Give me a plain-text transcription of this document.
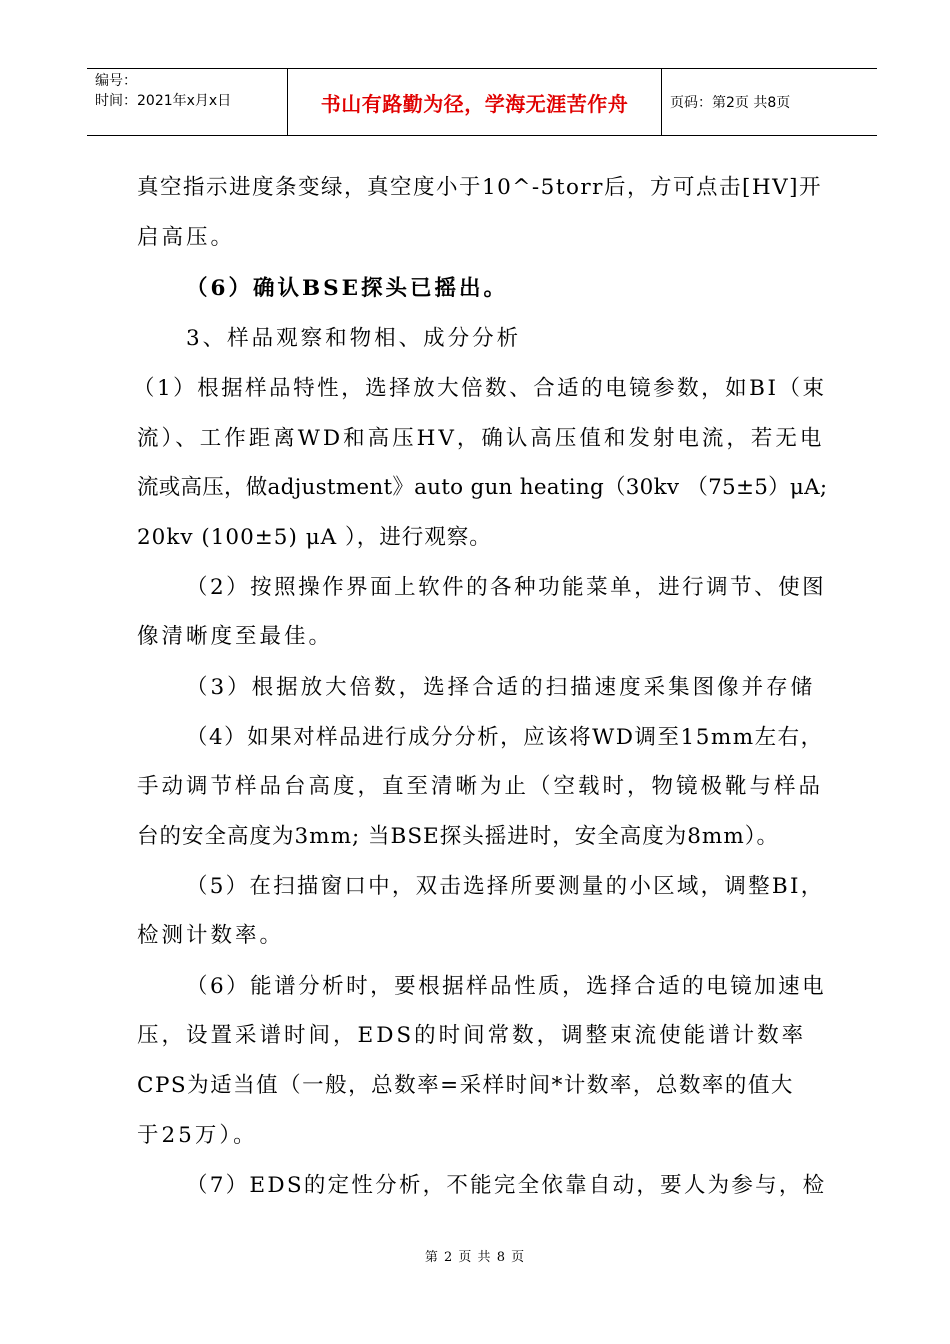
编号：
时间：2021年x月x日	书山有路勤为径，学海无涯苦作舟	页码：第2页 共8页
真空指示进度条变绿，真空度小于10^-5torr后，方可点击[HV]开
启高压。
（6）确认BSE探头已摇出。
3、样品观察和物相、成分分析
（1）根据样品特性，选择放大倍数、合适的电镜参数，如BI（束
流）、工作距离WD和高压HV，确认高压值和发射电流，若无电
流或高压，做adjustment》auto gun heating（30kv （75±5）μA;
20kv (100±5) μA ），进行观察。
（2）按照操作界面上软件的各种功能菜单，进行调节、使图
像清晰度至最佳。
（3）根据放大倍数，选择合适的扫描速度采集图像并存储
（4）如果对样品进行成分分析，应该将WD调至15mm左右，
手动调节样品台高度，直至清晰为止（空载时，物镜极靴与样品
台的安全高度为3mm; 当BSE探头摇进时，安全高度为8mm）。
（5）在扫描窗口中，双击选择所要测量的小区域，调整BI，
检测计数率。
（6）能谱分析时，要根据样品性质，选择合适的电镜加速电
压，设置采谱时间，EDS的时间常数，调整束流使能谱计数率
CPS为适当值（一般，总数率=采样时间*计数率，总数率的值大
于25万）。
（7）EDS的定性分析，不能完全依靠自动，要人为参与，检
第 2 页 共 8 页
